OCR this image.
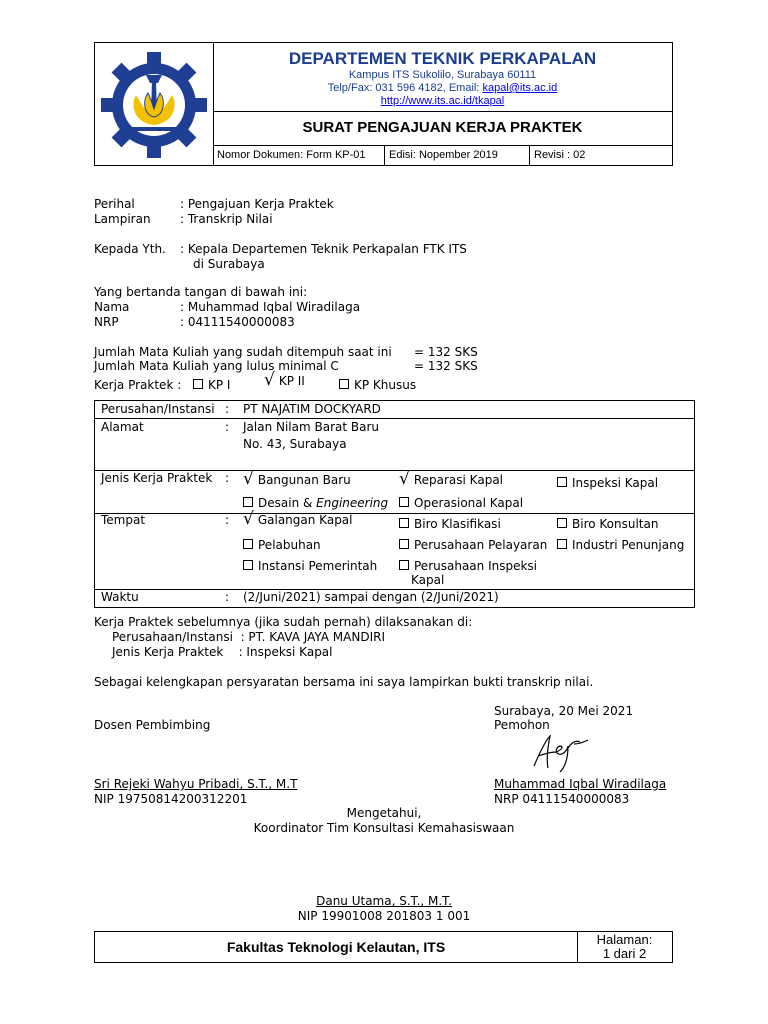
DEPARTEMEN TEKNIK PERKAPALAN
Kampus ITS Sukolilo, Surabaya 60111
Telp/Fax: 031 596 4182, Email: kapal@its.ac.id
http://www.its.ac.id/tkapal
SURAT PENGAJUAN KERJA PRAKTEK
Nomor Dokumen: Form KP-01	Edisi: Nopember 2019	Revisi : 02
Perihal	: Pengajuan Kerja Praktek
Lampiran : Transkrip Nilai
Kepada Yth. : Kepala Departemen Teknik Perkapalan FTK ITS
di Surabaya
Yang bertanda tangan di bawah ini:
Nama	: Muhammad Iqbal Wiradilaga
NRP	: 04111540000083
Jumlah Mata Kuliah yang sudah ditempuh saat ini = 132 SKS
Jumlah Mata Kuliah yang lulus minimal C	= 132 SKS
Kerja Praktek :	KP I √ KP II	KP Khusus
Perusahan/Instansi : PT NAJATIM DOCKYARD
Alamat	: Jalan Nilam Barat Baru
No. 43, Surabaya
Jenis Kerja Praktek : √ Bangunan Baru	√ Reparasi Kapal	Inspeksi Kapal
Desain & Engineering	Operasional Kapal
Tempat	: √ Galangan Kapal	Biro Klasifikasi	Biro Konsultan
Pelabuhan	Perusahaan Pelayaran	Industri Penunjang
Instansi Pemerintah	Perusahaan Inspeksi
Kapal
Waktu	: (2/Juni/2021) sampai dengan (2/Juni/2021)
Kerja Praktek sebelumnya (jika sudah pernah) dilaksanakan di:
Perusahaan/Instansi  : PT. KAVA JAYA MANDIRI
Jenis Kerja Praktek    : Inspeksi Kapal
Sebagai kelengkapan persyaratan bersama ini saya lampirkan bukti transkrip nilai.
Surabaya, 20 Mei 2021
Pemohon
Dosen Pembimbing
Sri Rejeki Wahyu Pribadi, S.T., M.T
NIP 19750814200312201
Muhammad Iqbal Wiradilaga
NRP 04111540000083
Mengetahui,
Koordinator Tim Konsultasi Kemahasiswaan
Danu Utama, S.T., M.T.
NIP 19901008 201803 1 001
Fakultas Teknologi Kelautan, ITS	Halaman:
1 dari 2
